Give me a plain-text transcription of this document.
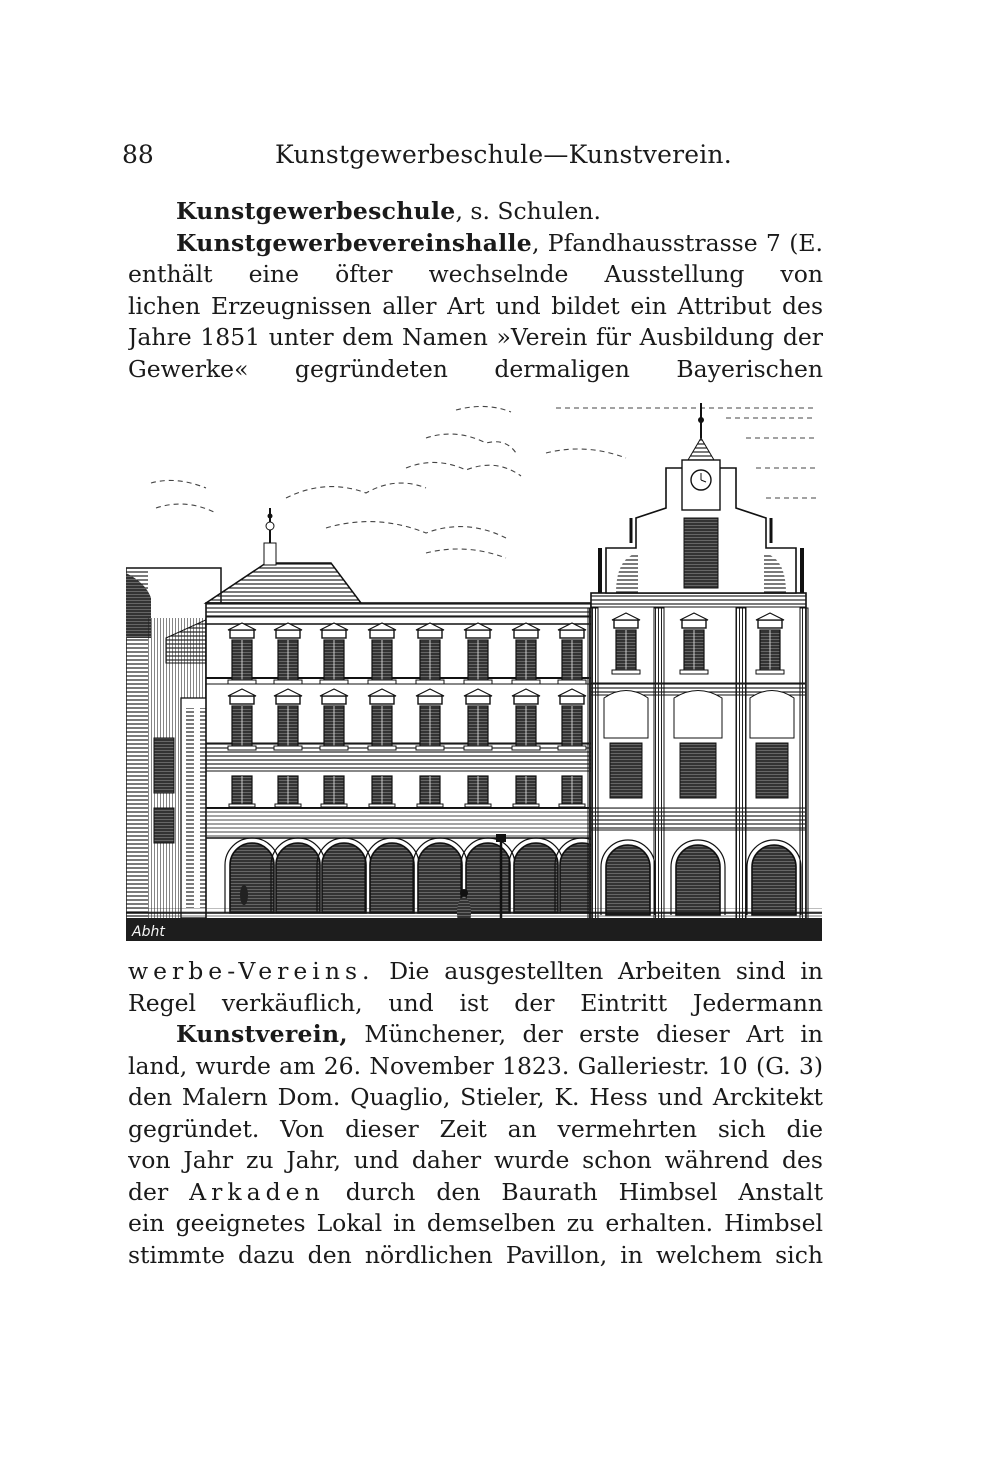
88	Kunstgewerbeschule—Kunstverein.
Kunstgewerbeschule, s. Schulen.
Kunstgewerbevereinshalle, Pfandhausstrasse 7 (E.
enthält eine öfter wechselnde Ausstellung von
lichen Erzeugnissen aller Art und bildet ein Attribut des
Jahre 1851 unter dem Namen »Verein für Ausbildung der
Gewerke« gegründeten dermaligen Bayerischen
Abht
werbe-Vereins. Die ausgestellten Arbeiten sind in
Regel verkäuflich, und ist der Eintritt Jedermann
Kunstverein, Münchener, der erste dieser Art in
land, wurde am 26. November 1823. Galleriestr. 10 (G. 3)
den Malern Dom. Quaglio, Stieler, K. Hess und Arckitekt
gegründet. Von dieser Zeit an vermehrten sich die
von Jahr zu Jahr, und daher wurde schon während des
der Arkaden durch den Baurath Himbsel Anstalt
ein geeignetes Lokal in demselben zu erhalten. Himbsel
stimmte dazu den nördlichen Pavillon, in welchem sich
